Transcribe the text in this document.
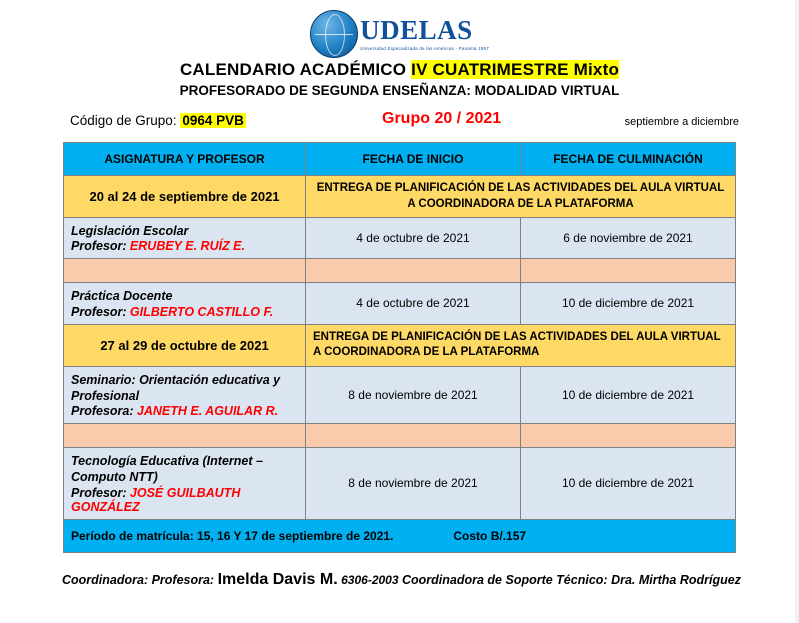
UDELAS
Universidad Especializada de las Américas · Panamá 1997
CALENDARIO ACADÉMICO IV CUATRIMESTRE Mixto
PROFESORADO DE SEGUNDA ENSEÑANZA: MODALIDAD VIRTUAL
Código de Grupo: 0964 PVB	Grupo 20 / 2021	septiembre a diciembre
ASIGNATURA Y PROFESOR	FECHA DE INICIO	FECHA DE CULMINACIÓN
20 al 24 de septiembre de 2021	ENTREGA DE PLANIFICACIÓN DE LAS ACTIVIDADES DEL AULA VIRTUAL A COORDINADORA DE LA PLATAFORMA	

Legislación Escolar
Profesor: ERUBEY E. RUÍZ E.	4 de octubre de 2021	6 de noviembre de 2021

Práctica Docente
Profesor: GILBERTO CASTILLO F.	4 de octubre de 2021	10 de diciembre de 2021
27 al 29 de octubre de 2021	ENTREGA DE PLANIFICACIÓN DE LAS ACTIVIDADES DEL AULA VIRTUAL A COORDINADORA DE LA PLATAFORMA	

Seminario: Orientación educativa y Profesional
Profesora: JANETH E. AGUILAR R.	8 de noviembre de 2021	10 de diciembre de 2021

Tecnología Educativa (Internet – Computo NTT)
Profesor: JOSÉ GUILBAUTH GONZÁLEZ	8 de noviembre de 2021	10 de diciembre de 2021

Período de matrícula: 15, 16 Y 17 de septiembre de 2021. Costo B/.157		
Coordinadora: Profesora: Imelda Davis M. 6306-2003 Coordinadora de Soporte Técnico: Dra. Mirtha Rodríguez
